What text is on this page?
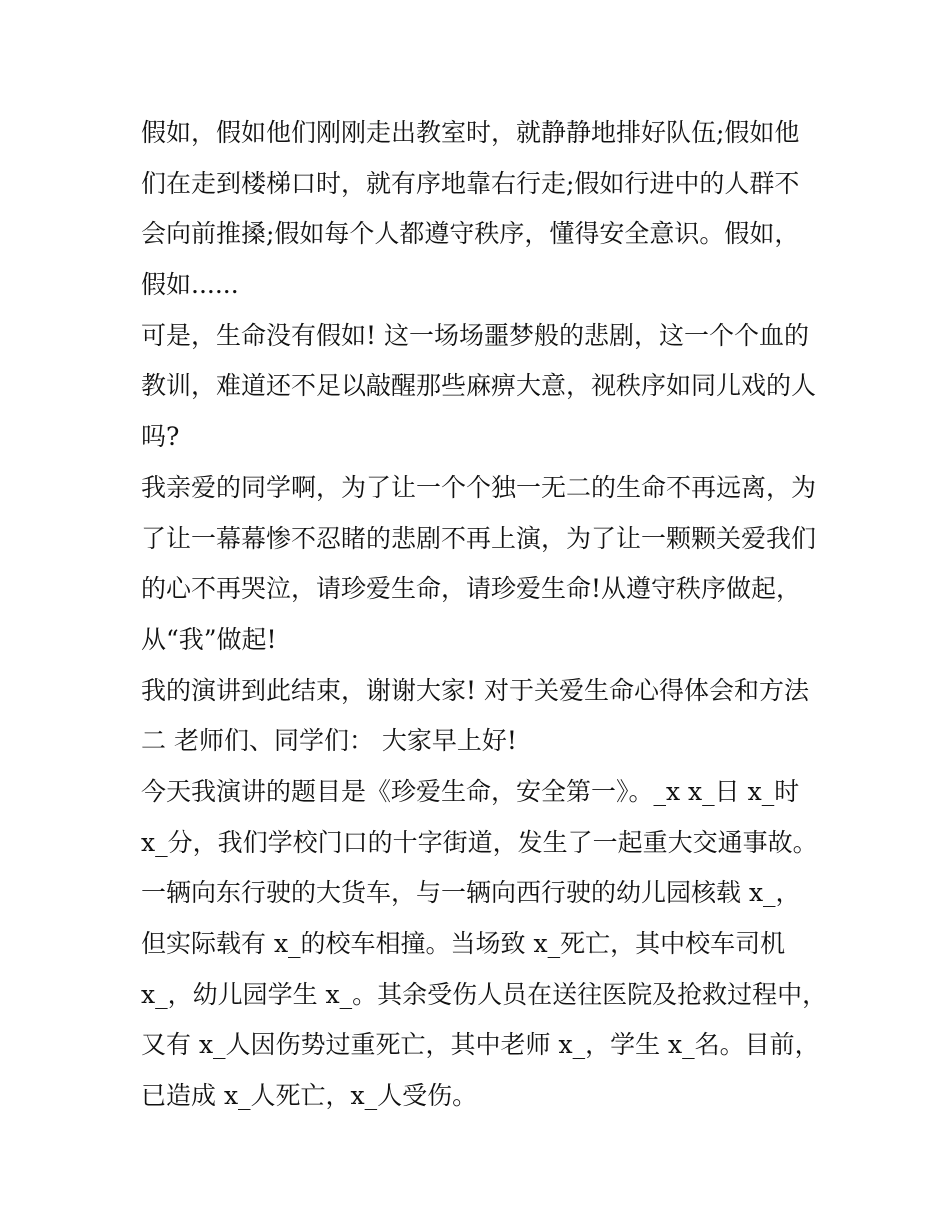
假如，假如他们刚刚走出教室时，就静静地排好队伍;假如他
们在走到楼梯口时，就有序地靠右行走;假如行进中的人群不
会向前推搡;假如每个人都遵守秩序，懂得安全意识。假如，
假如......
可是，生命没有假如! 这一场场噩梦般的悲剧，这一个个血的
教训，难道还不足以敲醒那些麻痹大意，视秩序如同儿戏的人
吗?
我亲爱的同学啊，为了让一个个独一无二的生命不再远离，为
了让一幕幕惨不忍睹的悲剧不再上演，为了让一颗颗关爱我们
的心不再哭泣，请珍爱生命，请珍爱生命!从遵守秩序做起，
从“我”做起!
我的演讲到此结束，谢谢大家! 对于关爱生命心得体会和方法
二 老师们、同学们： 大家早上好!
今天我演讲的题目是《珍爱生命，安全第一》。_x x_日 x_时
x_分，我们学校门口的十字街道，发生了一起重大交通事故。
一辆向东行驶的大货车，与一辆向西行驶的幼儿园核载 x_，
但实际载有 x_的校车相撞。当场致 x_死亡，其中校车司机
x_，幼儿园学生 x_。其余受伤人员在送往医院及抢救过程中，
又有 x_人因伤势过重死亡，其中老师 x_，学生 x_名。目前，
已造成 x_人死亡，x_人受伤。
